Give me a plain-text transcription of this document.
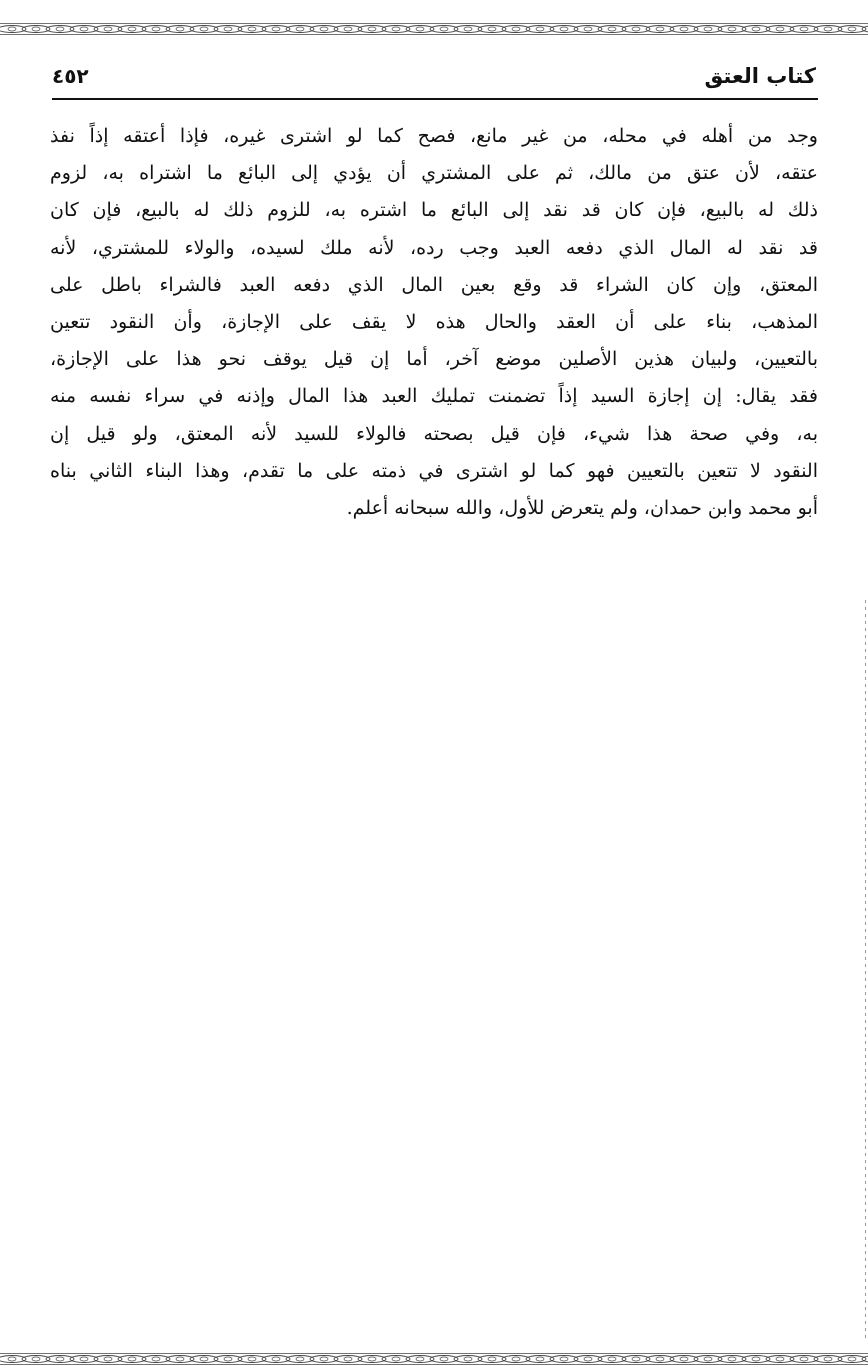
كتاب العتق
٤٥٢
وجد من أهله في محله، من غير مانع، فصح كما لو اشترى غيره، فإذا أعتقه إذاً نفذ
عتقه، لأن عتق من مالك، ثم على المشتري أن يؤدي إلى البائع ما اشتراه به، لزوم
ذلك له بالبيع، فإن كان قد نقد إلى البائع ما اشتره به، للزوم ذلك له بالبيع، فإن كان
قد نقد له المال الذي دفعه العبد وجب رده، لأنه ملك لسيده، والولاء للمشتري، لأنه
المعتق، وإن كان الشراء قد وقع بعين المال الذي دفعه العبد فالشراء باطل على
المذهب، بناء على أن العقد والحال هذه لا يقف على الإجازة، وأن النقود تتعين
بالتعيين، ولبيان هذين الأصلين موضع آخر، أما إن قيل يوقف نحو هذا على الإجازة،
فقد يقال: إن إجازة السيد إذاً تضمنت تمليك العبد هذا المال وإذنه في سراء نفسه منه
به، وفي صحة هذا شيء، فإن قيل بصحته فالولاء للسيد لأنه المعتق، ولو قيل إن
النقود لا تتعين بالتعيين فهو كما لو اشترى في ذمته على ما تقدم، وهذا البناء الثاني بناه
أبو محمد وابن حمدان، ولم يتعرض للأول، والله سبحانه أعلم.
